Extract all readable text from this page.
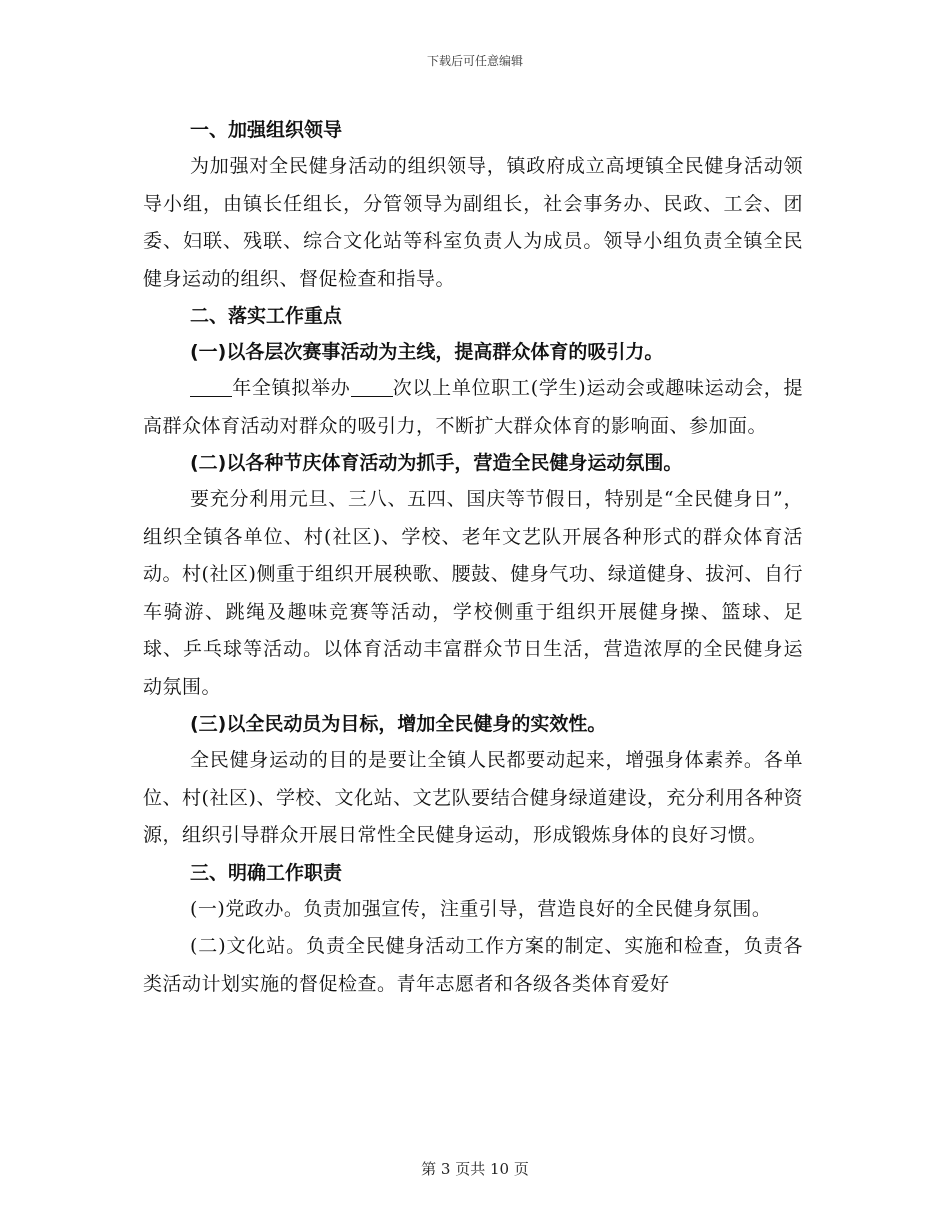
下载后可任意编辑
一、加强组织领导
为加强对全民健身活动的组织领导，镇政府成立高埂镇全民健身活动领导小组，由镇长任组长，分管领导为副组长，社会事务办、民政、工会、团委、妇联、残联、综合文化站等科室负责人为成员。领导小组负责全镇全民健身运动的组织、督促检查和指导。
二、落实工作重点
(一)以各层次赛事活动为主线，提高群众体育的吸引力。
年全镇拟举办 次以上单位职工(学生)运动会或趣味运动会，提高群众体育活动对群众的吸引力，不断扩大群众体育的影响面、参加面。
(二)以各种节庆体育活动为抓手，营造全民健身运动氛围。
要充分利用元旦、三八、五四、国庆等节假日，特别是“全民健身日”，组织全镇各单位、村(社区)、学校、老年文艺队开展各种形式的群众体育活动。村(社区)侧重于组织开展秧歌、腰鼓、健身气功、绿道健身、拔河、自行车骑游、跳绳及趣味竞赛等活动，学校侧重于组织开展健身操、篮球、足球、乒乓球等活动。以体育活动丰富群众节日生活，营造浓厚的全民健身运动氛围。
(三)以全民动员为目标，增加全民健身的实效性。
全民健身运动的目的是要让全镇人民都要动起来，增强身体素养。各单位、村(社区)、学校、文化站、文艺队要结合健身绿道建设，充分利用各种资源，组织引导群众开展日常性全民健身运动，形成锻炼身体的良好习惯。
三、明确工作职责
(一)党政办。负责加强宣传，注重引导，营造良好的全民健身氛围。
(二)文化站。负责全民健身活动工作方案的制定、实施和检查，负责各类活动计划实施的督促检查。青年志愿者和各级各类体育爱好
第 3 页共 10 页
